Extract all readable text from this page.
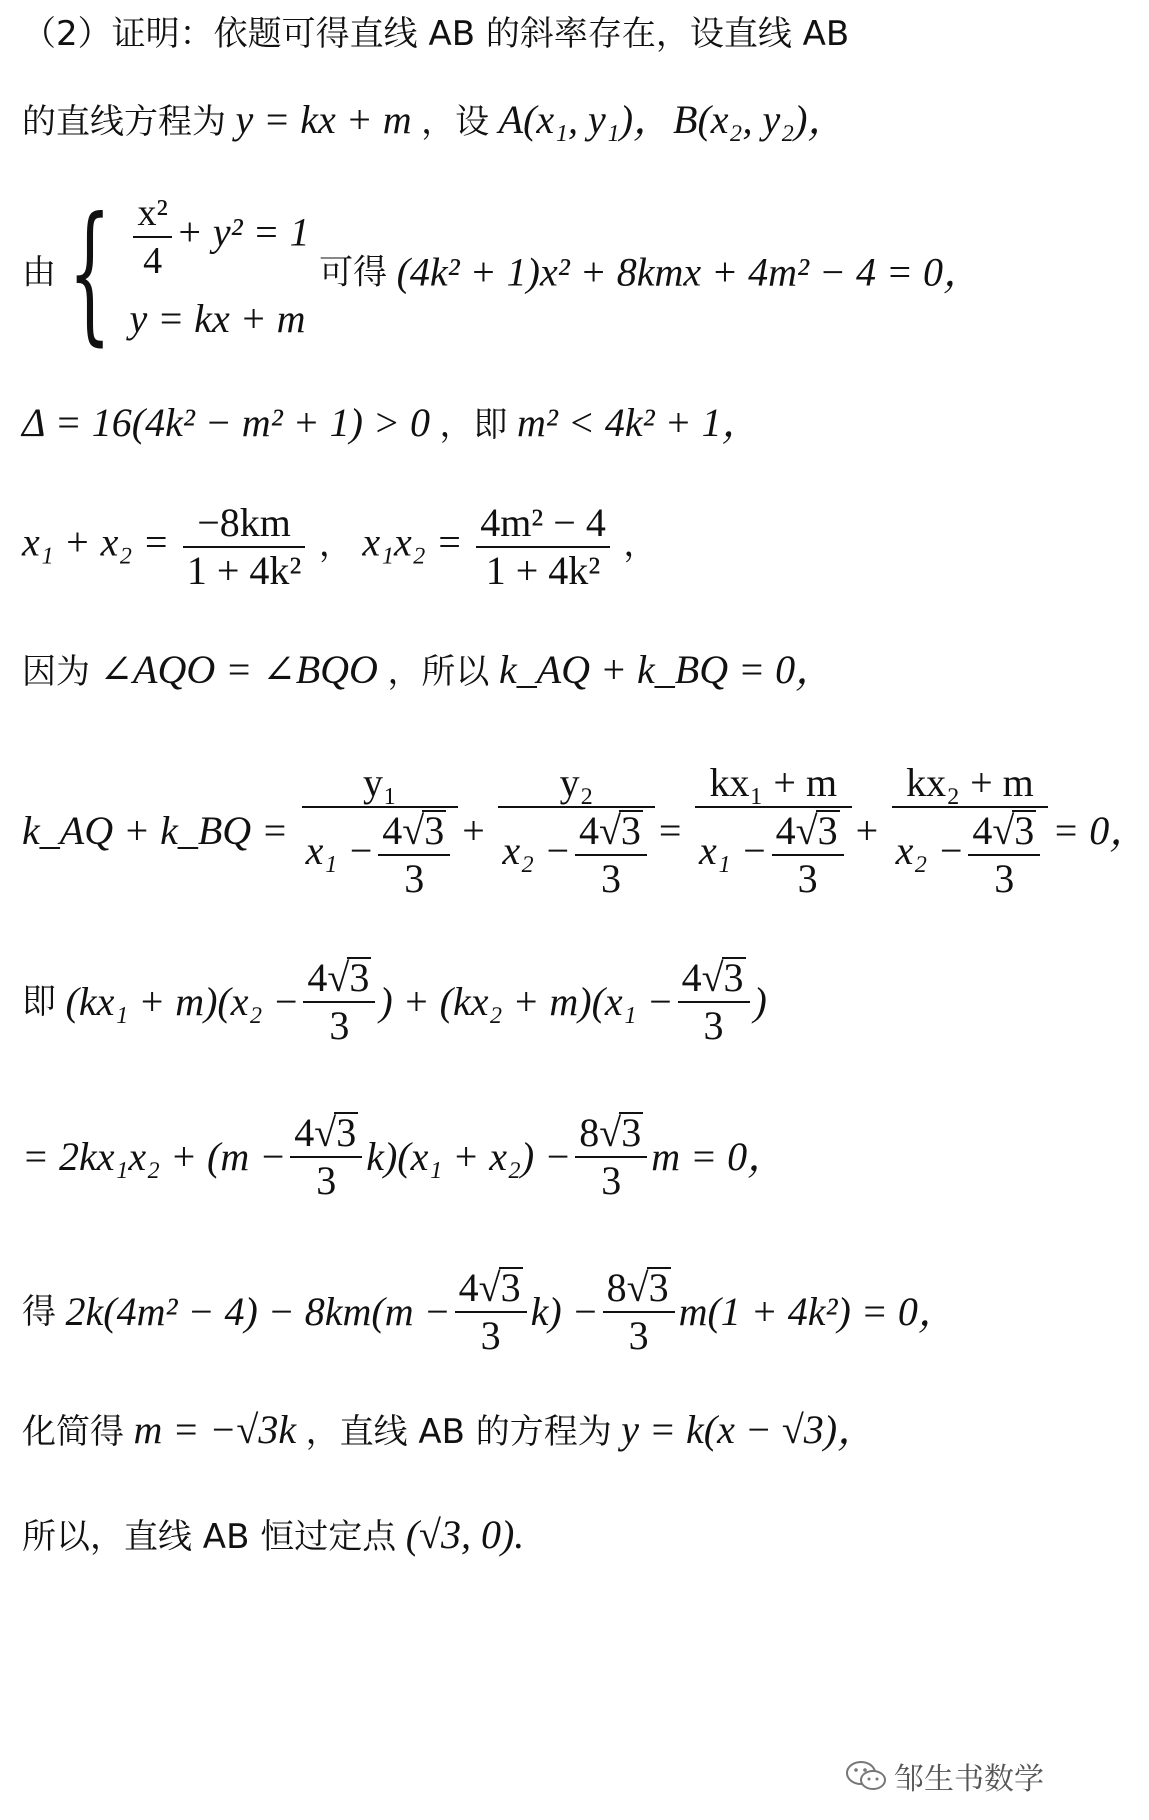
（2）证明：依题可得直线 AB 的斜率存在，设直线 AB
的直线方程为 y = kx + m ，设 A(x₁, y₁)，B(x₂, y₂)，
由{ $\frac{\text{x²}}{4} + y^2 = 1$
y = kx + m
可得 (4k² + 1)x² + 8kmx + 4m² − 4 = 0，
Δ = 16(4k² − m² + 1) > 0 ，即 m² < 4k² + 1，
$x_1 + x_2 = \frac{-8km}{\text{1 + 4k²}}$ ， $x_1x_2 = \frac{\text{4m² − 4}}{\text{1 + 4k²}}$ ，
因为 ∠AQO = ∠BQO ，所以 k_AQ + k_BQ = 0，
k_AQ + k_BQ = $\frac{\text{y₁}}{x_1 - \frac{4√3}{3}} + \frac{\text{y₂}}{x_2 - \frac{4√3}{3}} = \frac{\text{kx₁ + m}}{x_1 - \frac{4√3}{3}} + \frac{\text{kx₂ + m}}{x_2 - \frac{4√3}{3}} = 0$，
即 $(kx_1 + m)(x_2 - \frac{4√3}{3}$ ) + $(kx_2 + m)(x_1 - \frac{4√3}{3}$ )
= $2kx_1x_2 + (m - \frac{4√3}{3} k)(x_1 + x_2) - \frac{8√3}{3}$ m = 0，
得 $2k(4m^2 - 4) - 8km(m - \frac{4√3}{3} k) - \frac{8√3}{3} m(1 + 4k^2) = 0$，
化简得 m = −√3k ，直线 AB 的方程为 y = k(x − √3)，
所以，直线 AB 恒过定点 (√3, 0).
邹生书数学
